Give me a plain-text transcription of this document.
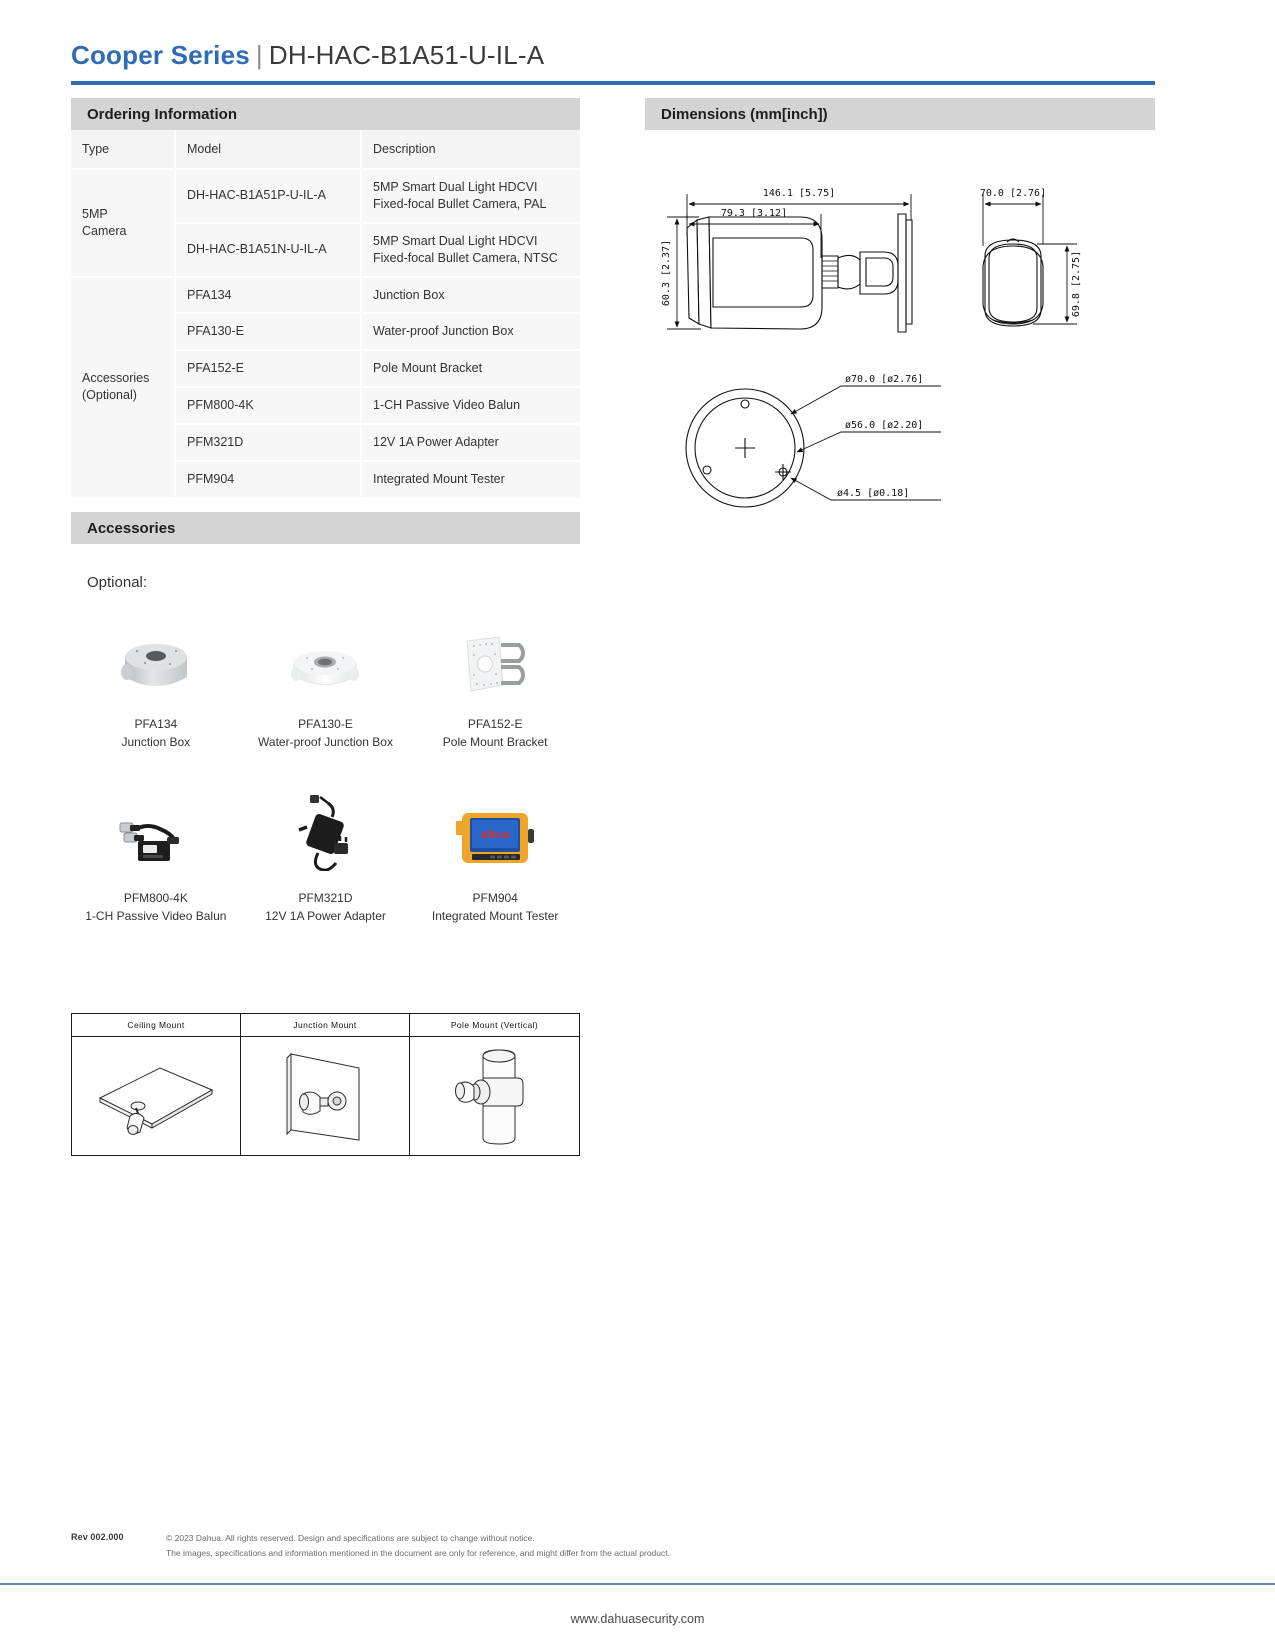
Cooper Series | DH-HAC-B1A51-U-IL-A
Ordering Information
Type	Model	Description

5MP
Camera	DH-HAC-B1A51P-U-IL-A	5MP Smart Dual Light HDCVI Fixed-focal Bullet Camera, PAL
	DH-HAC-B1A51N-U-IL-A	5MP Smart Dual Light HDCVI Fixed-focal Bullet Camera, NTSC

Accessories
(Optional)	PFA134	Junction Box
	PFA130-E	Water-proof Junction Box
	PFA152-E	Pole Mount Bracket
	PFM800-4K	1-CH Passive Video Balun
	PFM321D	12V 1A Power Adapter
	PFM904	Integrated Mount Tester
Accessories
Optional:
PFA134
Junction Box
PFA130-E
Water-proof Junction Box
PFA152-E
Pole Mount Bracket
PFM800-4K
1-CH Passive Video Balun
PFM321D
12V 1A Power Adapter
alhua
PFM904
Integrated Mount Tester
Ceiling Mount	Junction Mount	Pole Mount (Vertical)
Dimensions (mm[inch])
146.1 [5.75]
79.3 [3.12]
60.3 [2.37]
70.0 [2.76]
69.8 [2.75]
ø70.0 [ø2.76]
ø56.0 [ø2.20]
ø4.5 [ø0.18]
Rev 002.000	© 2023 Dahua. All rights reserved. Design and specifications are subject to change without notice.
The images, specifications and information mentioned in the document are only for reference, and might differ from the actual product.
www.dahuasecurity.com
